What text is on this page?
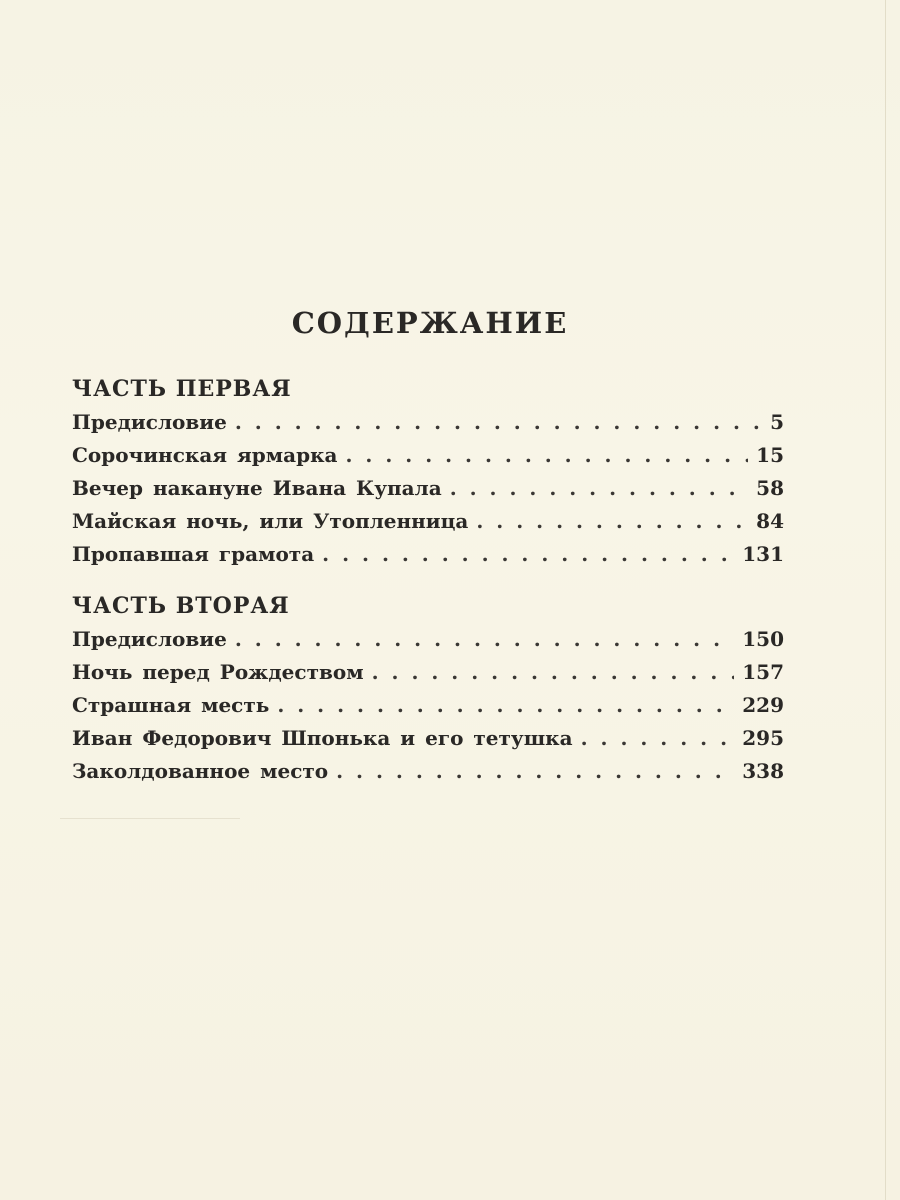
СОДЕРЖАНИЕ
ЧАСТЬ ПЕРВАЯ
Предисловие . . .	5
Сорочинская ярмарка . . .	15
Вечер накануне Ивана Купала . . .	58
Майская ночь, или Утопленница . . .	84
Пропавшая грамота . . .	131
ЧАСТЬ ВТОРАЯ
Предисловие . . .	150
Ночь перед Рождеством . . .	157
Страшная месть . . .	229
Иван Федорович Шпонька и его тетушка . . .	295
Заколдованное место . . .	338
